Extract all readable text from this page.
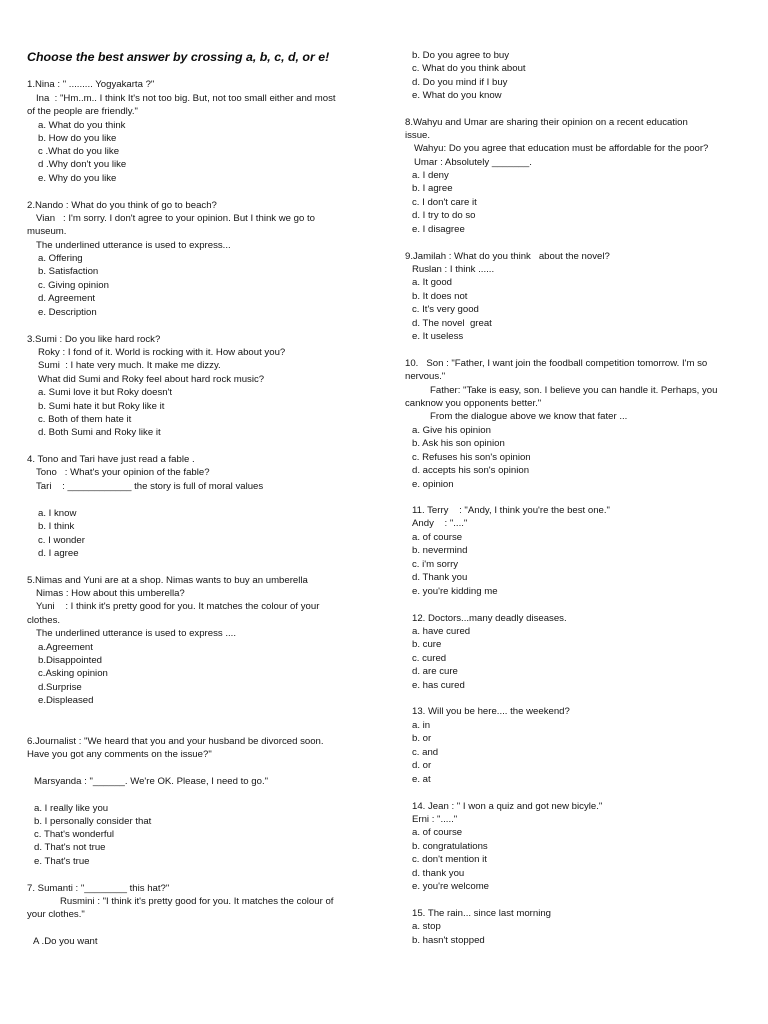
Choose the best answer by crossing a, b, c, d, or e!
1.Nina : " ......... Yogyakarta ?"
Ina  : "Hm..m.. I think It's not too big. But, not too small either and most
of the people are friendly."
a. What do you think
b. How do you like
c .What do you like
d .Why don't you like
e. Why do you like
2.Nando : What do you think of go to beach?
Vian   : I'm sorry. I don't agree to your opinion. But I think we go to
museum.
The underlined utterance is used to express...
a. Offering
b. Satisfaction
c. Giving opinion
d. Agreement
e. Description
3.Sumi : Do you like hard rock?
Roky : I fond of it. World is rocking with it. How about you?
Sumi  : I hate very much. It make me dizzy.
What did Sumi and Roky feel about hard rock music?
a. Sumi love it but Roky doesn't
b. Sumi hate it but Roky like it
c. Both of them hate it
d. Both Sumi and Roky like it
4. Tono and Tari have just read a fable .
Tono   : What's your opinion of the fable?
Tari    : ____________ the story is full of moral values
a. I know
b. I think
c. I wonder
d. I agree
5.Nimas and Yuni are at a shop. Nimas wants to buy an umberella
Nimas : How about this umberella?
Yuni    : I think it's pretty good for you. It matches the colour of your
clothes.
The underlined utterance is used to express ....
a.Agreement
b.Disappointed
c.Asking opinion
d.Surprise
e.Displeased
6.Journalist : "We heard that you and your husband be divorced soon.
Have you got any comments on the issue?"
Marsyanda : "______. We're OK. Please, I need to go."
a. I really like you
b. I personally consider that
c. That's wonderful
d. That's not true
e. That's true
7. Sumanti : "________ this hat?"
Rusmini : "I think it's pretty good for you. It matches the colour of
your clothes."
A .Do you want
b. Do you agree to buy
c. What do you think about
d. Do you mind if I buy
e. What do you know
8.Wahyu and Umar are sharing their opinion on a recent education
issue.
Wahyu: Do you agree that education must be affordable for the poor?
Umar : Absolutely _______.
a. I deny
b. I agree
c. I don't care it
d. I try to do so
e. I disagree
9.Jamilah : What do you think   about the novel?
Ruslan : I think ......
a. It good
b. It does not
c. It's very good
d. The novel  great
e. It useless
10.   Son : "Father, I want join the foodball competition tomorrow. I'm so
nervous."
Father: "Take is easy, son. I believe you can handle it. Perhaps, you
canknow you opponents better."
From the dialogue above we know that fater ...
a. Give his opinion
b. Ask his son opinion
c. Refuses his son's opinion
d. accepts his son's opinion
e. opinion
11. Terry    : "Andy, I think you're the best one."
Andy    : "...."
a. of course
b. nevermind
c. i'm sorry
d. Thank you
e. you're kidding me
12. Doctors...many deadly diseases.
a. have cured
b. cure
c. cured
d. are cure
e. has cured
13. Will you be here.... the weekend?
a. in
b. or
c. and
d. or
e. at
14. Jean : " I won a quiz and got new bicyle."
Erni : "....."
a. of course
b. congratulations
c. don't mention it
d. thank you
e. you're welcome
15. The rain... since last morning
a. stop
b. hasn't stopped
